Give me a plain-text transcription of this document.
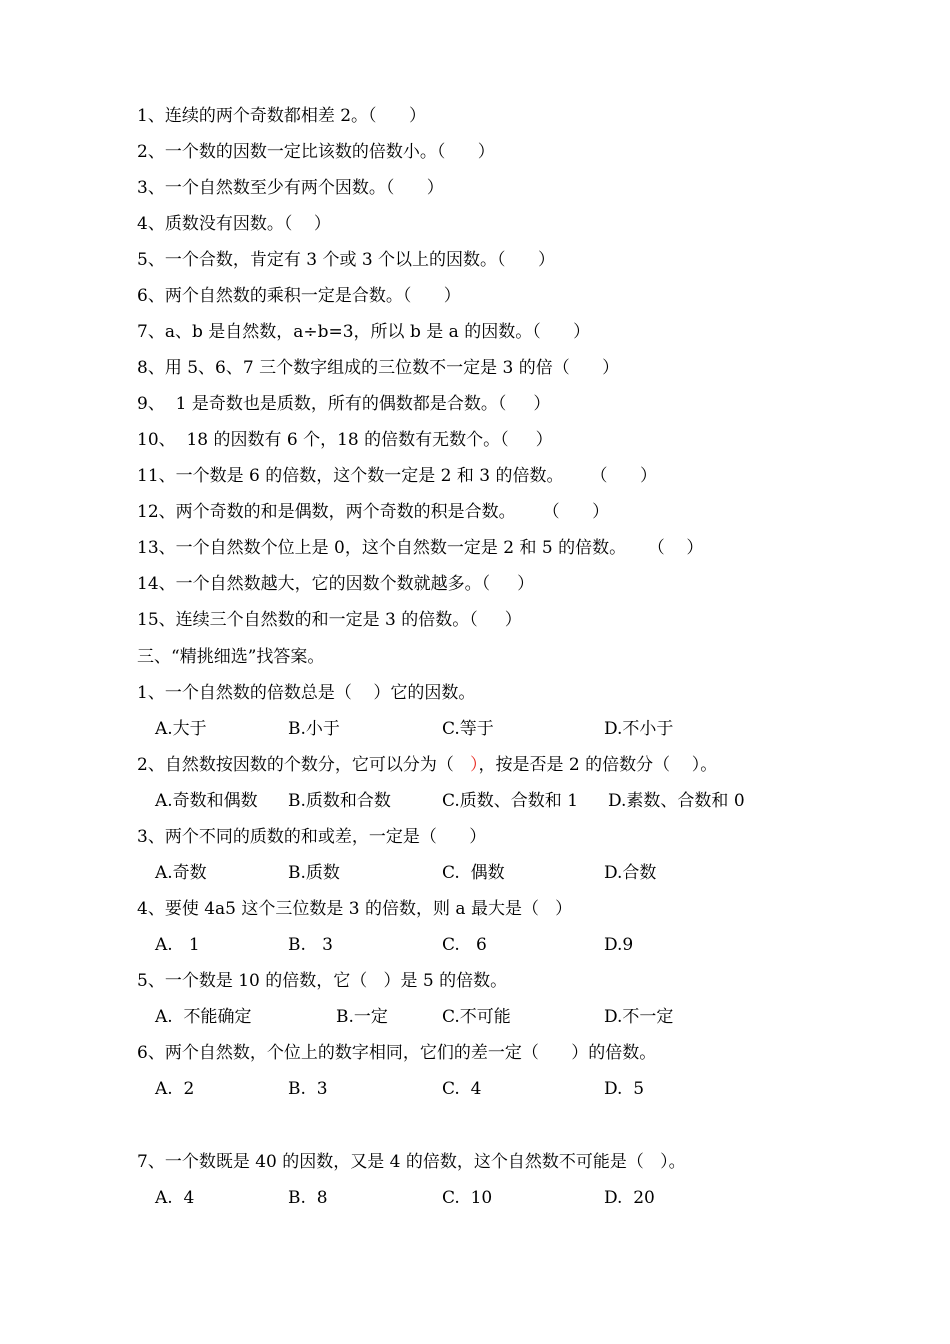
1、连续的两个奇数都相差 2。（      ）
2、一个数的因数一定比该数的倍数小。（      ）
3、一个自然数至少有两个因数。（      ）
4、质数没有因数。（    ）
5、一个合数，肯定有 3 个或 3 个以上的因数。（      ）
6、两个自然数的乘积一定是合数。（      ）
7、a、b 是自然数，a÷b=3，所以 b 是 a 的因数。（      ）
8、用 5、6、7 三个数字组成的三位数不一定是 3 的倍（      ）
9、  1 是奇数也是质数，所有的偶数都是合数。（     ）
10、  18 的因数有 6 个，18 的倍数有无数个。（     ）
11、一个数是 6 的倍数，这个数一定是 2 和 3 的倍数。     （      ）
12、两个奇数的和是偶数，两个奇数的积是合数。     （      ）
13、一个自然数个位上是 0，这个自然数一定是 2 和 5 的倍数。    （    ）
14、一个自然数越大，它的因数个数就越多。（     ）
15、连续三个自然数的和一定是 3 的倍数。（     ）
三、“精挑细选”找答案。
1、一个自然数的倍数总是（    ）它的因数。
A.大于	B.小于	C.等于	D.不小于
2、自然数按因数的个数分，它可以分为（   ），按是否是 2 的倍数分（    ）。
A.奇数和偶数 B.质数和合数	C.质数、合数和 1 D.素数、合数和 0
3、两个不同的质数的和或差，一定是（      ）
A.奇数	B.质数	C.  偶数	D.合数
4、要使 4a5 这个三位数是 3 的倍数，则 a 最大是（   ）
A.   1	B.   3	C.   6	D.9
5、一个数是 10 的倍数，它（   ）是 5 的倍数。
A.  不能确定	B.一定	C.不可能	D.不一定
6、两个自然数，个位上的数字相同，它们的差一定（      ）的倍数。
A.  2	B.  3	C.  4	D.  5
7、一个数既是 40 的因数，又是 4 的倍数，这个自然数不可能是（   ）。
A.  4	B.  8	C.  10	D.  20
